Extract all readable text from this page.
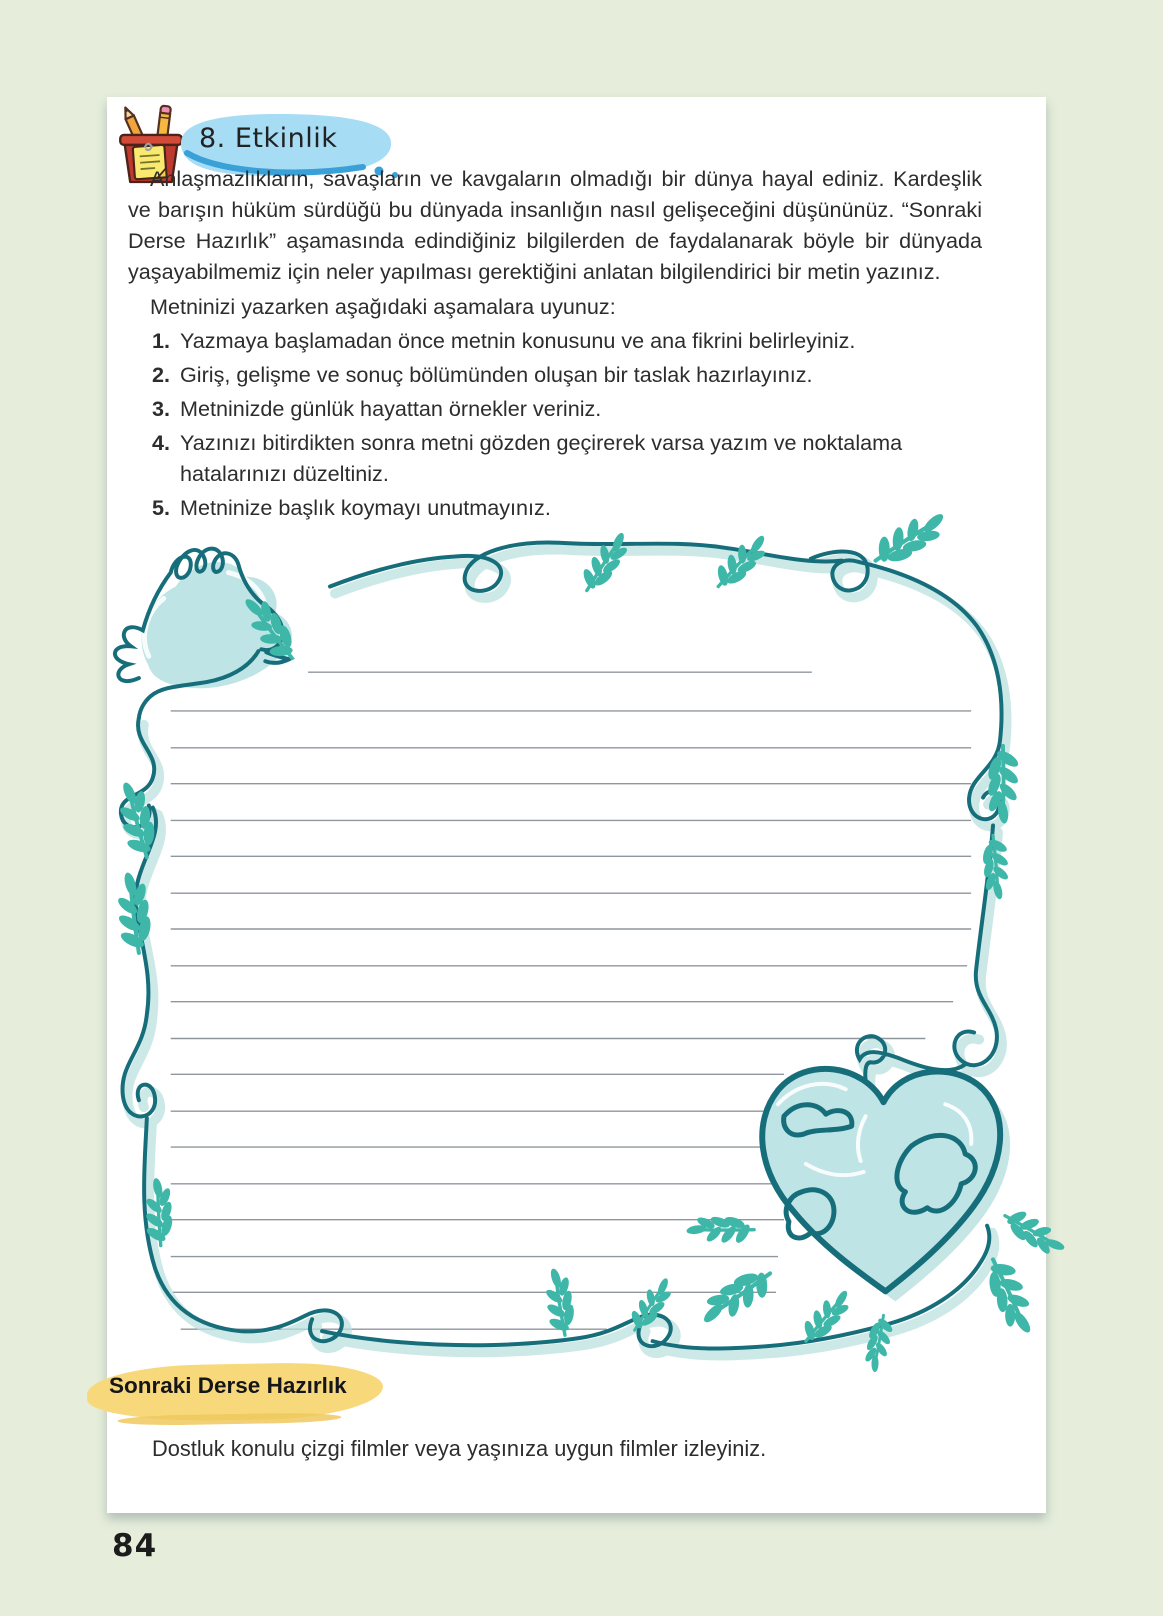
8. Etkinlik

Anlaşmazlıkların, savaşların ve kavgaların olmadığı bir dünya hayal ediniz. Kardeşlik ve barışın hüküm sürdüğü bu dünyada insanlığın nasıl gelişeceğini düşününüz. “Sonraki Derse Hazırlık” aşamasında edindiğiniz bilgilerden de faydalanarak böyle bir dünyada yaşayabilmemiz için neler yapılması gerektiğini anlatan bilgilendirici bir metin yazınız.

Metninizi yazarken aşağıdaki aşamalara uyunuz:

1. Yazmaya başlamadan önce metnin konusunu ve ana fikrini belirleyiniz.
2. Giriş, gelişme ve sonuç bölümünden oluşan bir taslak hazırlayınız.
3. Metninizde günlük hayattan örnekler veriniz.
4. Yazınızı bitirdikten sonra metni gözden geçirerek varsa yazım ve noktalama hatalarınızı düzeltiniz.
5. Metninize başlık koymayı unutmayınız.
Sonraki Derse Hazırlık

Dostluk konulu çizgi filmler veya yaşınıza uygun filmler izleyiniz.

84
